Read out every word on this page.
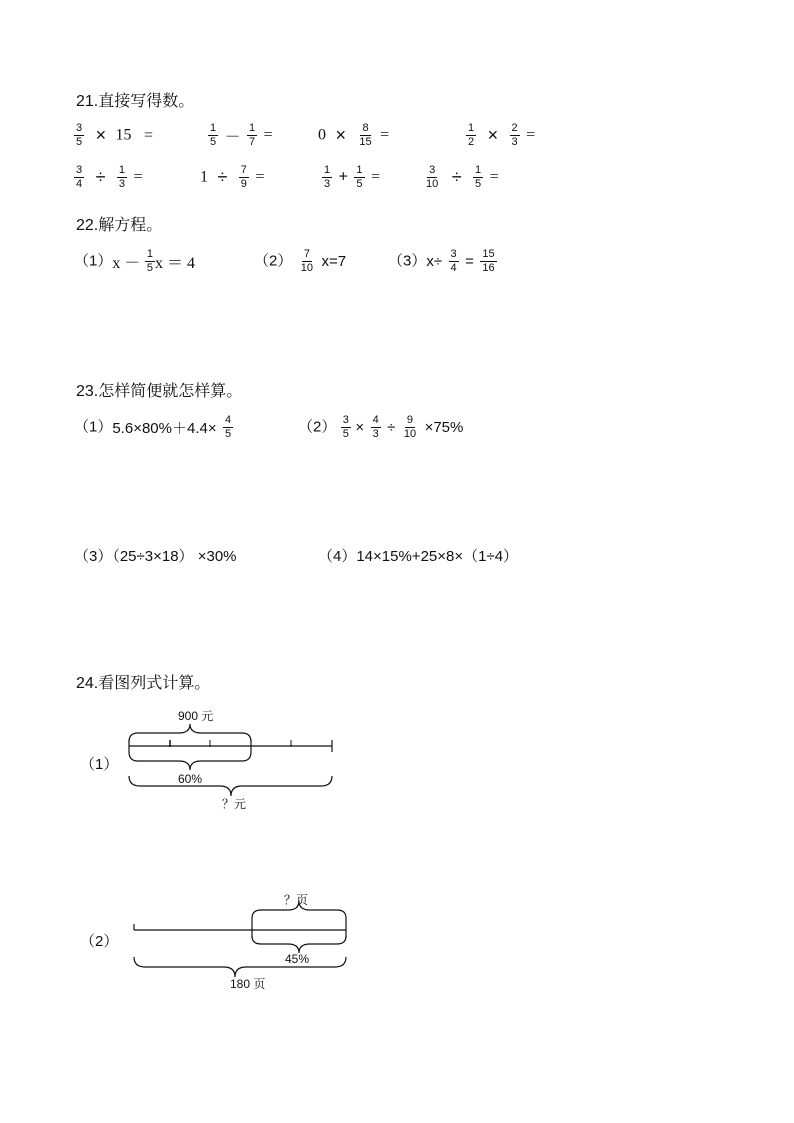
21.直接写得数。
$\frac{3}{5} \times 15$ =	$\frac{1}{5} - \frac{1}{7}$ =	$0 \times \frac{8}{15}$ =	$\frac{1}{2} \times \frac{2}{3}$ =
$\frac{3}{4} \div \frac{1}{3}$ =	$1 \div \frac{7}{9}$ =	$\frac{1}{3} + \frac{1}{5}$ =	$\frac{3}{10} \div \frac{1}{5}$ =
22.解方程。
$(1)x - \frac{1}{5}$ x ＝ 4	$(2) \frac{7}{10} x=7$	$(3)x\div \frac{3}{4} = \frac{15}{16}$
23.怎样简便就怎样算。
$(1)5.6\times 80\%+4.4\times \frac{4}{5}$	$(2) \frac{3}{5} \times \frac{4}{3} \div \frac{9}{10} \times 75\%$
（3）（25÷3×18） ×30%	（4）14×15%+25×8×（1÷4）
24.看图列式计算。
（1）
900 元
60%
？元
（2）
？页
45%
180 页
